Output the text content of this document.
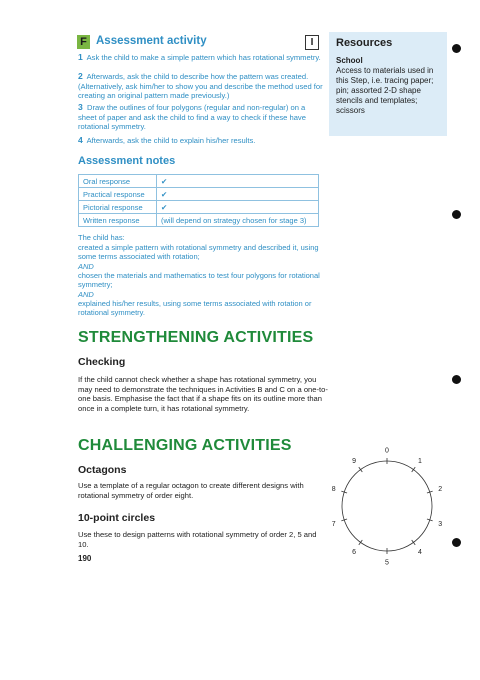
F Assessment activity	I	Resources
School
Access to materials used in this Step, i.e. tracing paper; pin; assorted 2-D shape stencils and templates; scissors
1 Ask the child to make a simple pattern which has rotational symmetry.
2 Afterwards, ask the child to describe how the pattern was created. (Alternatively, ask him/her to show you and describe the method used for creating an original pattern made previously.)
3 Draw the outlines of four polygons (regular and non-regular) on a sheet of paper and ask the child to find a way to check if these have rotational symmetry.
4 Afterwards, ask the child to explain his/her results.
Assessment notes
Oral response	✔
Practical response	✔
Pictorial response	✔
Written response	(will depend on strategy chosen for stage 3)
The child has:
created a simple pattern with rotational symmetry and described it, using some terms associated with rotation;
AND
chosen the materials and mathematics to test four polygons for rotational symmetry;
AND
explained his/her results, using some terms associated with rotation or rotational symmetry.
STRENGTHENING ACTIVITIES
Checking
If the child cannot check whether a shape has rotational symmetry, you may need to demonstrate the techniques in Activities B and C on a one-to-one basis. Emphasise the fact that if a shape fits on its outline more than once in a complete turn, it has rotational symmetry.
CHALLENGING ACTIVITIES
Octagons
Use a template of a regular octagon to create different designs with rotational symmetry of order eight.
10-point circles
Use these to design patterns with rotational symmetry of order 2, 5 and 10.
190
0
1
2
3
4
5
6
7
8
9
